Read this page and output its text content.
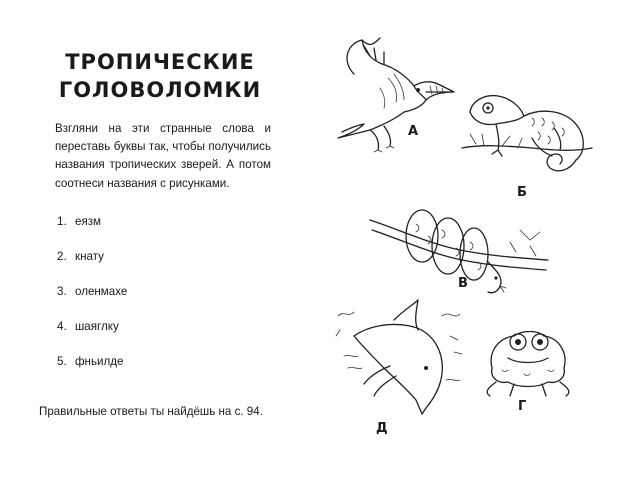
ТРОПИЧЕСКИЕ
ГОЛОВОЛОМКИ

Взгляни на эти странные слова и переставь буквы так, чтобы получились названия тропических зверей. А потом соотнеси названия с рисунками.

1. еязм
2. кнату
3. оленмахе
4. шаяглку
5. фньилде
Правильные ответы ты найдёшь на с. 94.
А
Б
В
Г
Д
